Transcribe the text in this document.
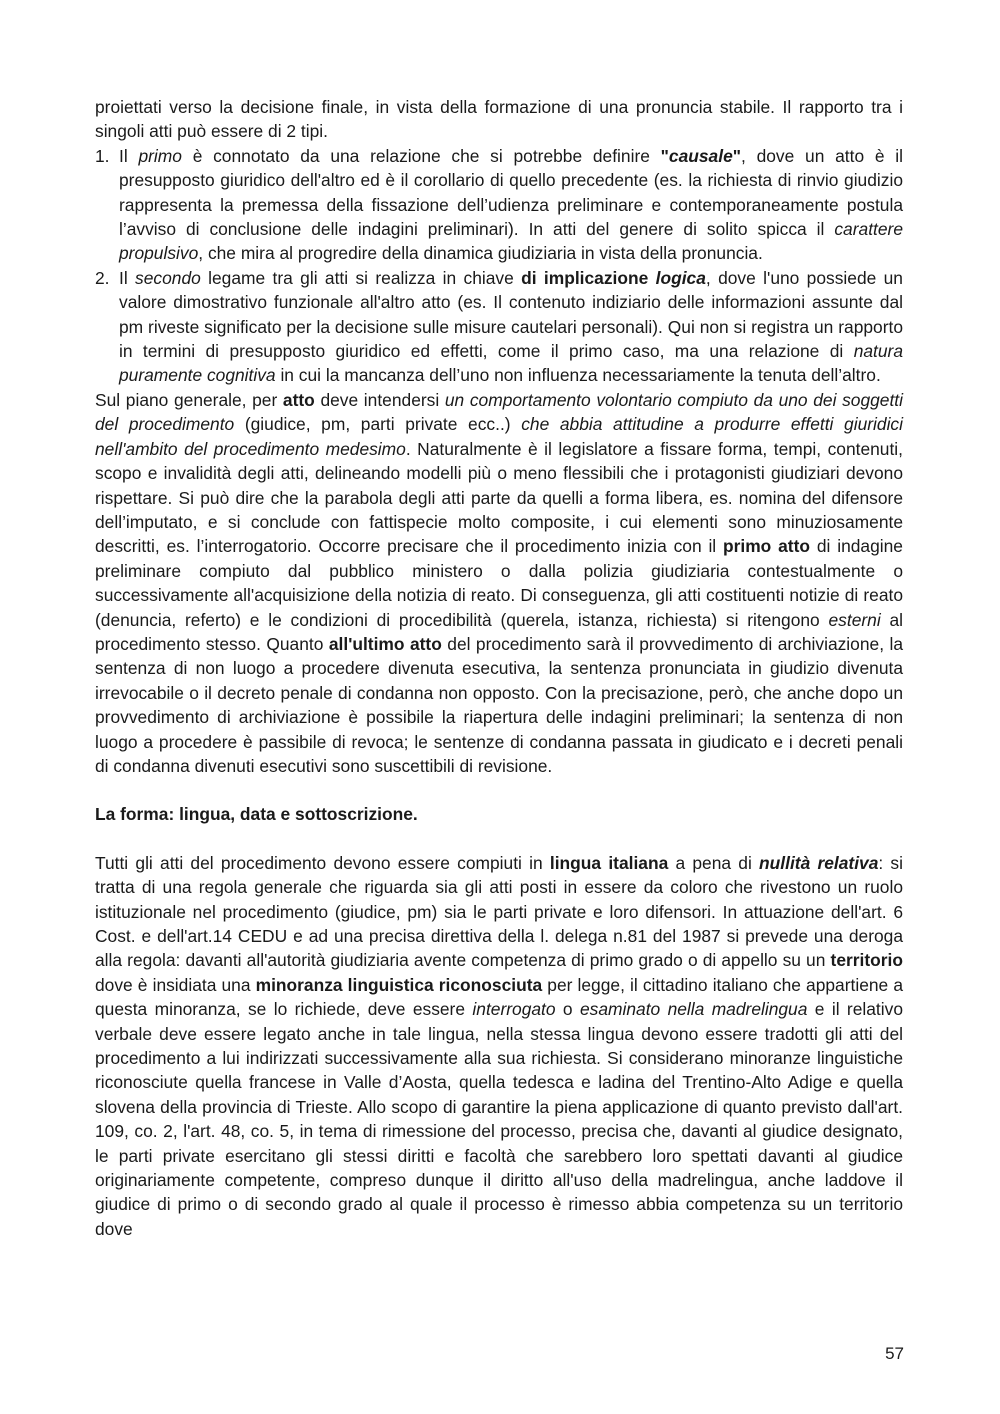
proiettati verso la decisione finale, in vista della formazione di una pronuncia stabile. Il rapporto tra i singoli atti può essere di 2 tipi.

1. Il primo è connotato da una relazione che si potrebbe definire "causale", dove un atto è il presupposto giuridico dell'altro ed è il corollario di quello precedente (es. la richiesta di rinvio giudizio rappresenta la premessa della fissazione dell’udienza preliminare e contemporaneamente postula l’avviso di conclusione delle indagini preliminari). In atti del genere di solito spicca il carattere propulsivo, che mira al progredire della dinamica giudiziaria in vista della pronuncia.
2. Il secondo legame tra gli atti si realizza in chiave di implicazione logica, dove l'uno possiede un valore dimostrativo funzionale all'altro atto (es. Il contenuto indiziario delle informazioni assunte dal pm riveste significato per la decisione sulle misure cautelari personali). Qui non si registra un rapporto in termini di presupposto giuridico ed effetti, come il primo caso, ma una relazione di natura puramente cognitiva in cui la mancanza dell’uno non influenza necessariamente la tenuta dell’altro.

Sul piano generale, per atto deve intendersi un comportamento volontario compiuto da uno dei soggetti del procedimento (giudice, pm, parti private ecc..) che abbia attitudine a produrre effetti giuridici nell'ambito del procedimento medesimo. Naturalmente è il legislatore a fissare forma, tempi, contenuti, scopo e invalidità degli atti, delineando modelli più o meno flessibili che i protagonisti giudiziari devono rispettare. Si può dire che la parabola degli atti parte da quelli a forma libera, es. nomina del difensore dell’imputato, e si conclude con fattispecie molto composite, i cui elementi sono minuziosamente descritti, es. l’interrogatorio. Occorre precisare che il procedimento inizia con il primo atto di indagine preliminare compiuto dal pubblico ministero o dalla polizia giudiziaria contestualmente o successivamente all'acquisizione della notizia di reato. Di conseguenza, gli atti costituenti notizie di reato (denuncia, referto) e le condizioni di procedibilità (querela, istanza, richiesta) si ritengono esterni al procedimento stesso. Quanto all'ultimo atto del procedimento sarà il provvedimento di archiviazione, la sentenza di non luogo a procedere divenuta esecutiva, la sentenza pronunciata in giudizio divenuta irrevocabile o il decreto penale di condanna non opposto. Con la precisazione, però, che anche dopo un provvedimento di archiviazione è possibile la riapertura delle indagini preliminari; la sentenza di non luogo a procedere è passibile di revoca; le sentenze di condanna passata in giudicato e i decreti penali di condanna divenuti esecutivi sono suscettibili di revisione.

La forma: lingua, data e sottoscrizione.

Tutti gli atti del procedimento devono essere compiuti in lingua italiana a pena di nullità relativa: si tratta di una regola generale che riguarda sia gli atti posti in essere da coloro che rivestono un ruolo istituzionale nel procedimento (giudice, pm) sia le parti private e loro difensori. In attuazione dell'art. 6 Cost. e dell'art.14 CEDU e ad una precisa direttiva della l. delega n.81 del 1987 si prevede una deroga alla regola: davanti all'autorità giudiziaria avente competenza di primo grado o di appello su un territorio dove è insidiata una minoranza linguistica riconosciuta per legge, il cittadino italiano che appartiene a questa minoranza, se lo richiede, deve essere interrogato o esaminato nella madrelingua e il relativo verbale deve essere legato anche in tale lingua, nella stessa lingua devono essere tradotti gli atti del procedimento a lui indirizzati successivamente alla sua richiesta. Si considerano minoranze linguistiche riconosciute quella francese in Valle d’Aosta, quella tedesca e ladina del Trentino-Alto Adige e quella slovena della provincia di Trieste. Allo scopo di garantire la piena applicazione di quanto previsto dall'art. 109, co. 2, l'art. 48, co. 5, in tema di rimessione del processo, precisa che, davanti al giudice designato, le parti private esercitano gli stessi diritti e facoltà che sarebbero loro spettati davanti al giudice originariamente competente, compreso dunque il diritto all'uso della madrelingua, anche laddove il giudice di primo o di secondo grado al quale il processo è rimesso abbia competenza su un territorio dove

57
